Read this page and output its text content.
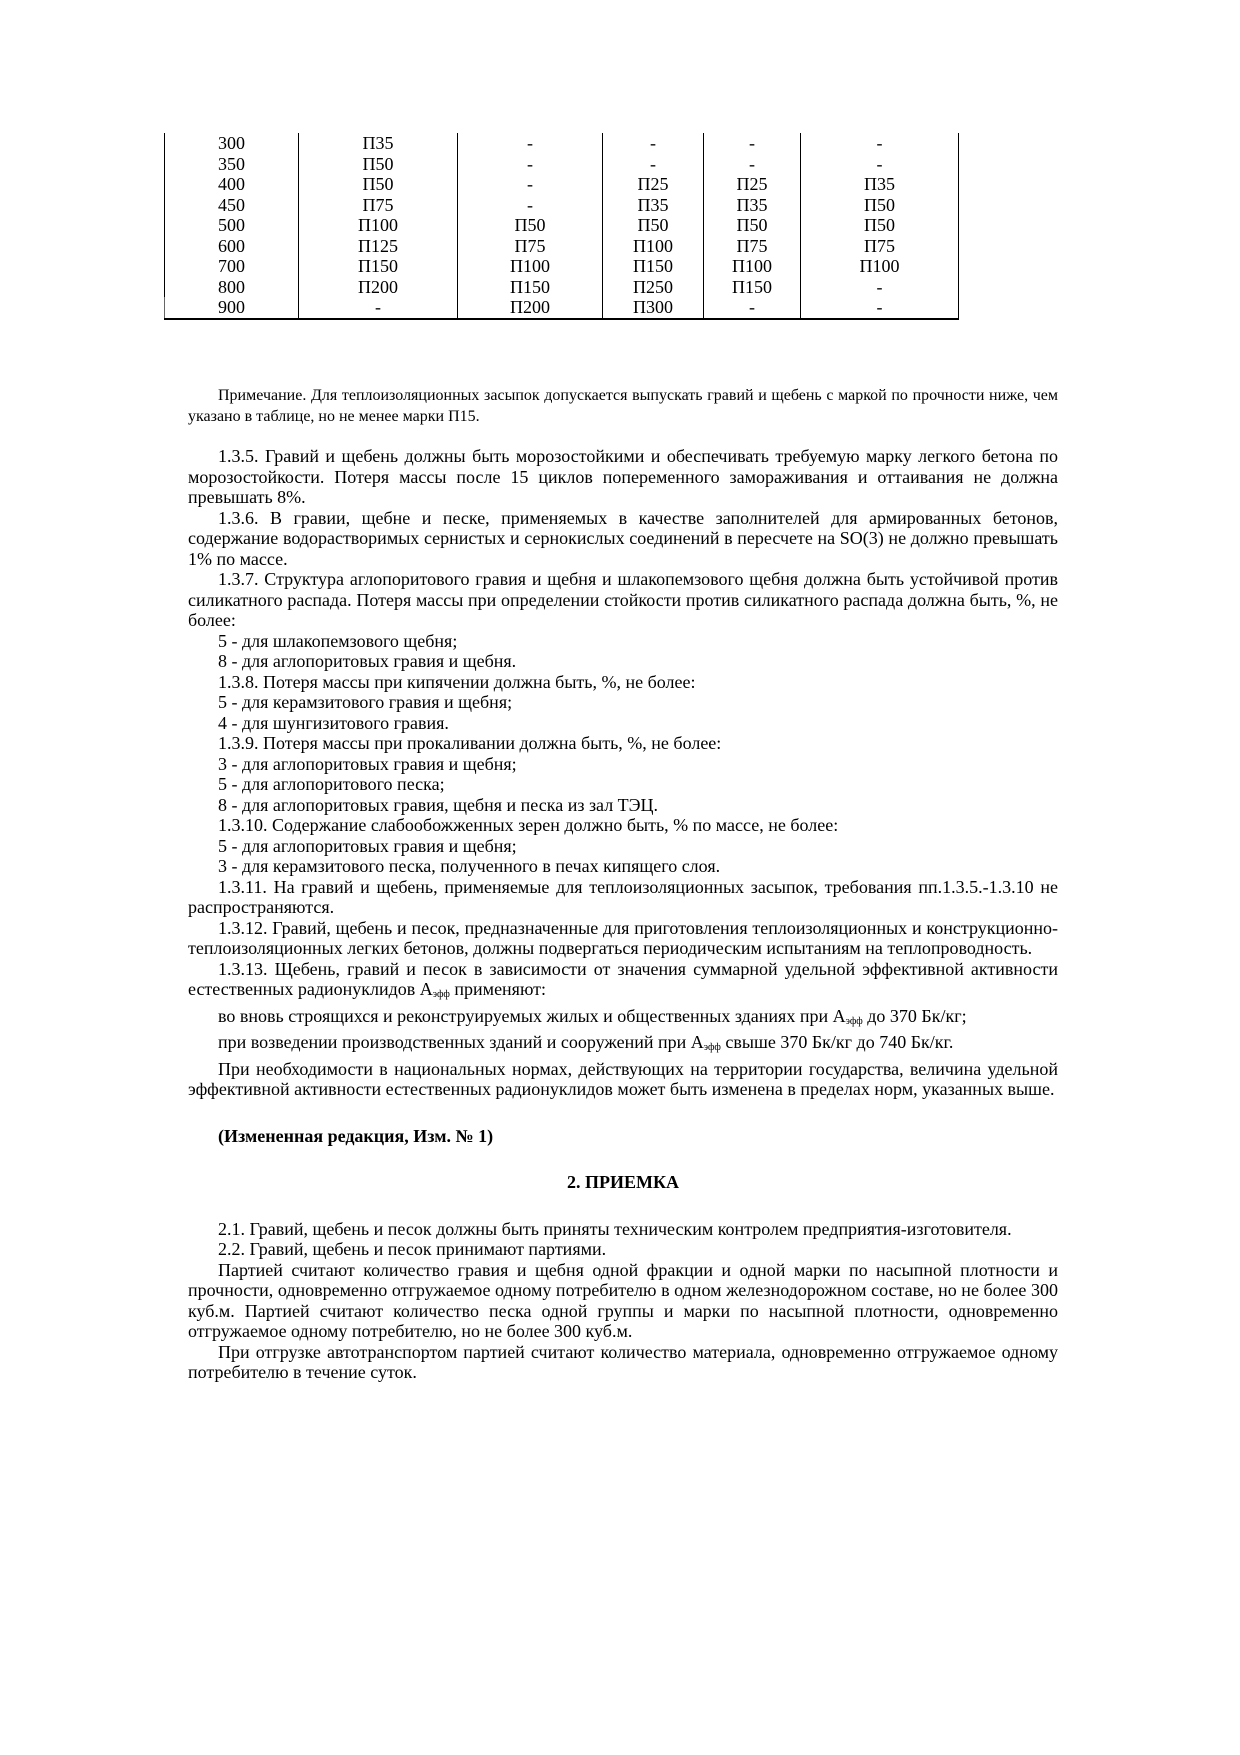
300	П35	-	-	-	-
350	П50	-	-	-	-
400	П50	-	П25	П25	П35
450	П75	-	П35	П35	П50
500	П100	П50	П50	П50	П50
600	П125	П75	П100	П75	П75
700	П150	П100	П150	П100	П100
800	П200	П150	П250	П150	-
900	-	П200	П300	-	-
Примечание. Для теплоизоляционных засыпок допускается выпускать гравий и щебень с маркой по прочности ниже, чем указано в таблице, но не менее марки П15.

1.3.5. Гравий и щебень должны быть морозостойкими и обеспечивать требуемую марку легкого бетона по морозостойкости. Потеря массы после 15 циклов попеременного замораживания и оттаивания не должна превышать 8%.

1.3.6. В гравии, щебне и песке, применяемых в качестве заполнителей для армированных бетонов, содержание водорастворимых сернистых и сернокислых соединений в пересчете на SO(3) не должно превышать 1% по массе.

1.3.7. Структура аглопоритового гравия и щебня и шлакопемзового щебня должна быть устойчивой против силикатного распада. Потеря массы при определении стойкости против силикатного распада должна быть, %, не более:

5 - для шлакопемзового щебня;

8 - для аглопоритовых гравия и щебня.

1.3.8. Потеря массы при кипячении должна быть, %, не более:

5 - для керамзитового гравия и щебня;

4 - для шунгизитового гравия.

1.3.9. Потеря массы при прокаливании должна быть, %, не более:

3 - для аглопоритовых гравия и щебня;

5 - для аглопоритового песка;

8 - для аглопоритовых гравия, щебня и песка из зал ТЭЦ.

1.3.10. Содержание слабообожженных зерен должно быть, % по массе, не более:

5 - для аглопоритовых гравия и щебня;

3 - для керамзитового песка, полученного в печах кипящего слоя.

1.3.11. На гравий и щебень, применяемые для теплоизоляционных засыпок, требования пп.1.3.5.-1.3.10 не распространяются.

1.3.12. Гравий, щебень и песок, предназначенные для приготовления теплоизоляционных и конструкционно-теплоизоляционных легких бетонов, должны подвергаться периодическим испытаниям на теплопроводность.

1.3.13. Щебень, гравий и песок в зависимости от значения суммарной удельной эффективной активности естественных радионуклидов $А_{эфф}$ применяют:

во вновь строящихся и реконструируемых жилых и общественных зданиях при $А_{эфф}$ до 370 Бк/кг;

при возведении производственных зданий и сооружений при $А_{эфф}$ свыше 370 Бк/кг до 740 Бк/кг.

При необходимости в национальных нормах, действующих на территории государства, величина удельной эффективной активности естественных радионуклидов может быть изменена в пределах норм, указанных выше.

(Измененная редакция, Изм. № 1)

2. ПРИЕМКА

2.1. Гравий, щебень и песок должны быть приняты техническим контролем предприятия-изготовителя.

2.2. Гравий, щебень и песок принимают партиями.

Партией считают количество гравия и щебня одной фракции и одной марки по насыпной плотности и прочности, одновременно отгружаемое одному потребителю в одном железнодорожном составе, но не более 300 куб.м. Партией считают количество песка одной группы и марки по насыпной плотности, одновременно отгружаемое одному потребителю, но не более 300 куб.м.

При отгрузке автотранспортом партией считают количество материала, одновременно отгружаемое одному потребителю в течение суток.
